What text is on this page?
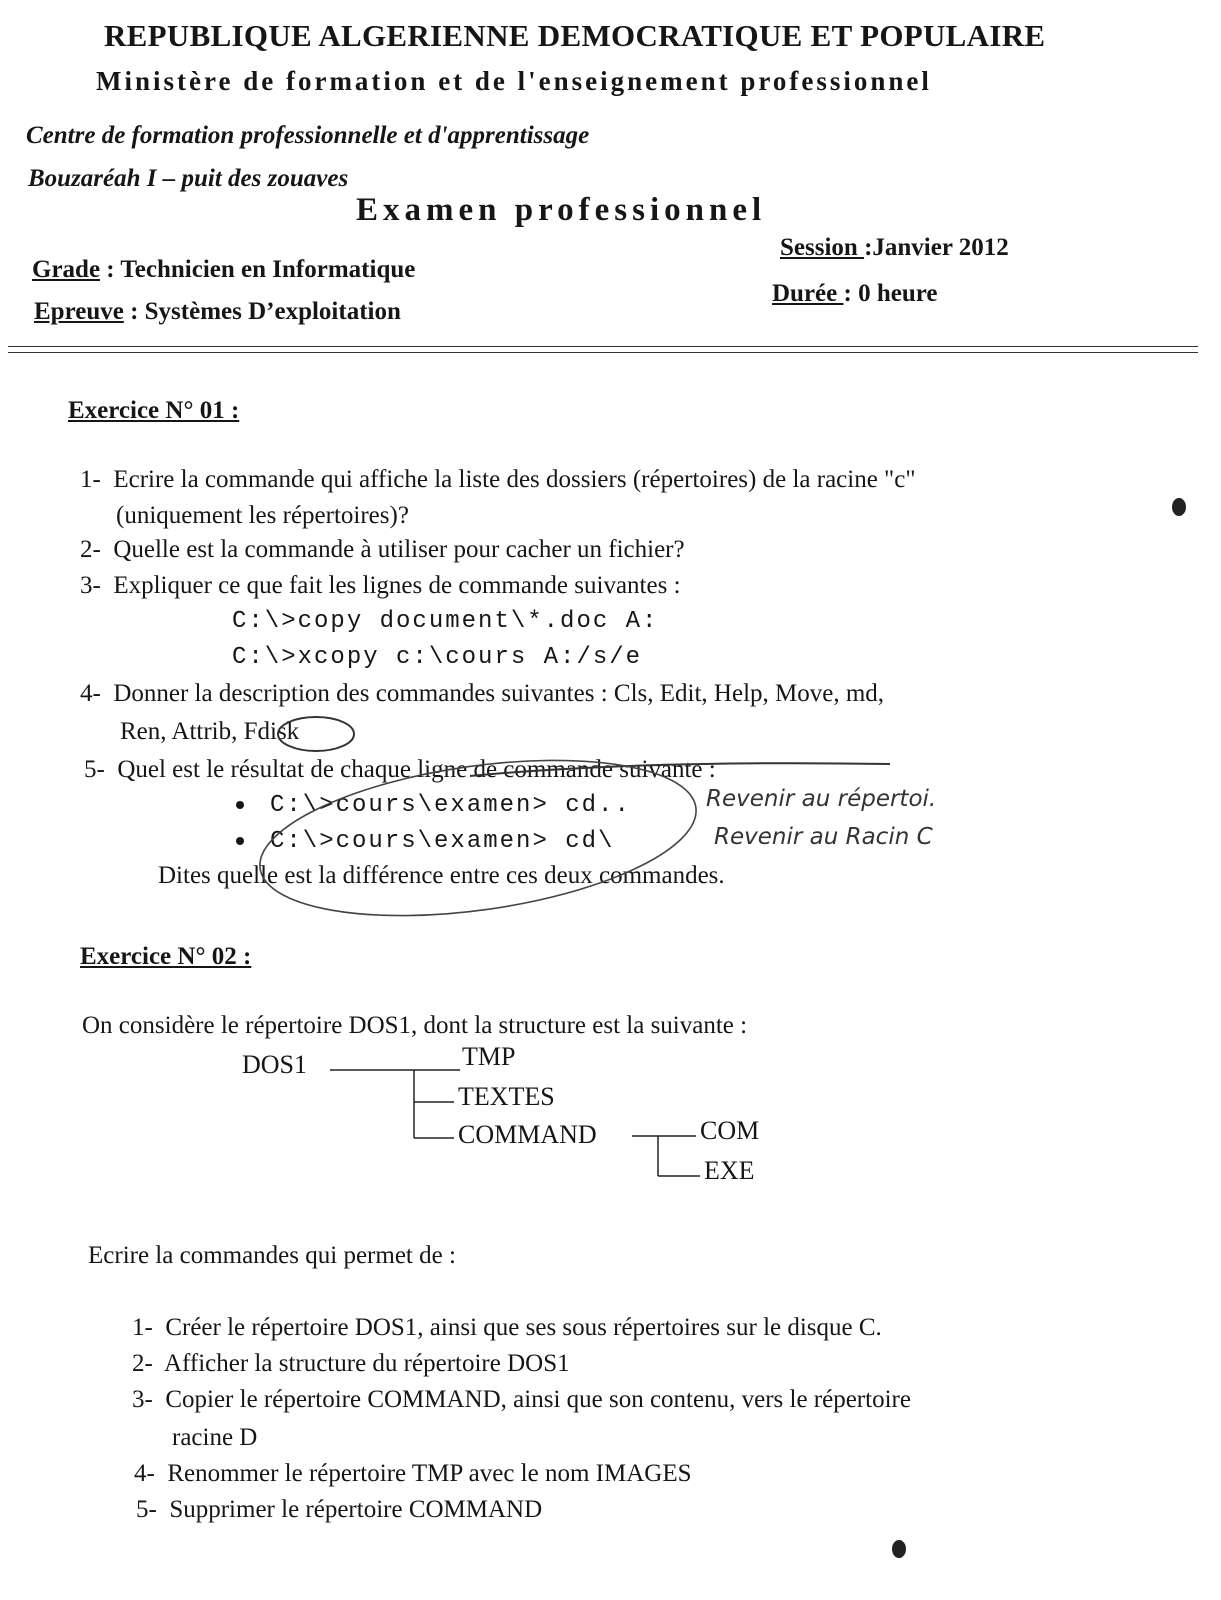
REPUBLIQUE ALGERIENNE DEMOCRATIQUE ET POPULAIRE
Ministère de formation et de l'enseignement professionnel
Centre de formation professionnelle et d'apprentissage
Bouzaréah I – puit des zouaves
Examen professionnel
Grade : Technicien en Informatique
Epreuve : Systèmes D’exploitation
Session :Janvier 2012
Durée : 0 heure
Exercice N° 01 :
1- Ecrire la commande qui affiche la liste des dossiers (répertoires) de la racine "c"
(uniquement les répertoires)?
2- Quelle est la commande à utiliser pour cacher un fichier?
3- Expliquer ce que fait les lignes de commande suivantes :
C:\>copy document\*.doc A:
C:\>xcopy c:\cours A:/s/e
4- Donner la description des commandes suivantes : Cls, Edit, Help, Move, md,
Ren, Attrib, Fdisk
5- Quel est le résultat de chaque ligne de commande suivante :
C:\>cours\examen> cd..	Revenir au répertoi.
C:\>cours\examen> cd\	Revenir au Racin C
Dites quelle est la différence entre ces deux commandes.
Exercice N° 02 :
On considère le répertoire DOS1, dont la structure est la suivante :
DOS1	TMP
TEXTES
COMMAND	COM
EXE
Ecrire la commandes qui permet de :
1- Créer le répertoire DOS1, ainsi que ses sous répertoires sur le disque C.
2- Afficher la structure du répertoire DOS1
3- Copier le répertoire COMMAND, ainsi que son contenu, vers le répertoire
racine D
4- Renommer le répertoire TMP avec le nom IMAGES
5- Supprimer le répertoire COMMAND
